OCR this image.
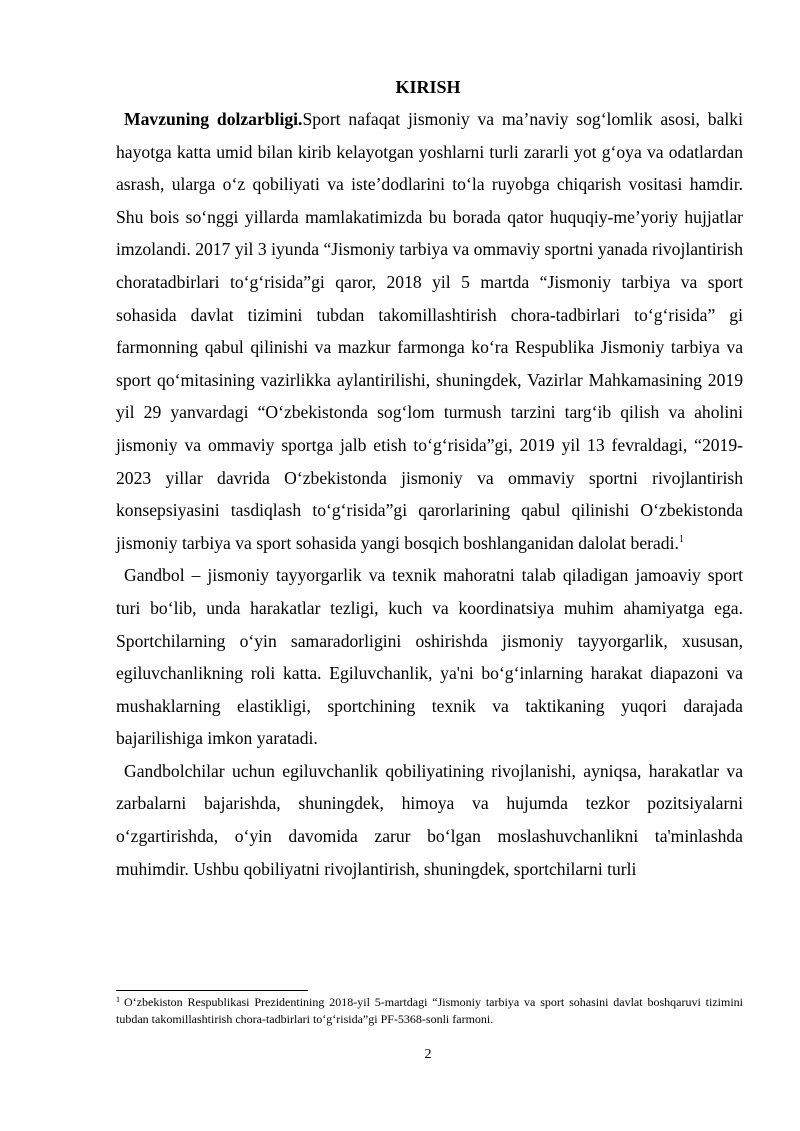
KIRISH

Mavzuning dolzarbligi.Sport nafaqat jismoniy va ma’naviy sog‘lomlik asosi, balki hayotga katta umid bilan kirib kelayotgan yoshlarni turli zararli yot g‘oya va odatlardan asrash, ularga o‘z qobiliyati va iste’dodlarini to‘la ruyobga chiqarish vositasi hamdir. Shu bois so‘nggi yillarda mamlakatimizda bu borada qator huquqiy-me’yoriy hujjatlar imzolandi. 2017 yil 3 iyunda “Jismoniy tarbiya va ommaviy sportni yanada rivojlantirish choratadbirlari to‘g‘risida”gi qaror, 2018 yil 5 martda “Jismoniy tarbiya va sport sohasida davlat tizimini tubdan takomillashtirish chora-tadbirlari to‘g‘risida” gi farmonning qabul qilinishi va mazkur farmonga ko‘ra Respublika Jismoniy tarbiya va sport qo‘mitasining vazirlikka aylantirilishi, shuningdek, Vazirlar Mahkamasining 2019 yil 29 yanvardagi “O‘zbekistonda sog‘lom turmush tarzini targ‘ib qilish va aholini jismoniy va ommaviy sportga jalb etish to‘g‘risida”gi, 2019 yil 13 fevraldagi, “2019-2023 yillar davrida O‘zbekistonda jismoniy va ommaviy sportni rivojlantirish konsepsiyasini tasdiqlash to‘g‘risida”gi qarorlarining qabul qilinishi O‘zbekistonda jismoniy tarbiya va sport sohasida yangi bosqich boshlanganidan dalolat beradi.$^1$

Gandbol – jismoniy tayyorgarlik va texnik mahoratni talab qiladigan jamoaviy sport turi bo‘lib, unda harakatlar tezligi, kuch va koordinatsiya muhim ahamiyatga ega. Sportchilarning o‘yin samaradorligini oshirishda jismoniy tayyorgarlik, xususan, egiluvchanlikning roli katta. Egiluvchanlik, ya'ni bo‘g‘inlarning harakat diapazoni va mushaklarning elastikligi, sportchining texnik va taktikaning yuqori darajada bajarilishiga imkon yaratadi.

Gandbolchilar uchun egiluvchanlik qobiliyatining rivojlanishi, ayniqsa, harakatlar va zarbalarni bajarishda, shuningdek, himoya va hujumda tezkor pozitsiyalarni o‘zgartirishda, o‘yin davomida zarur bo‘lgan moslashuvchanlikni ta'minlashda muhimdir. Ushbu qobiliyatni rivojlantirish, shuningdek, sportchilarni turli

$^1$ O‘zbekiston Respublikasi Prezidentining 2018-yil 5-martdagi “Jismoniy tarbiya va sport sohasini davlat boshqaruvi tizimini tubdan takomillashtirish chora-tadbirlari to‘g‘risida”gi PF-5368-sonli farmoni.

2
